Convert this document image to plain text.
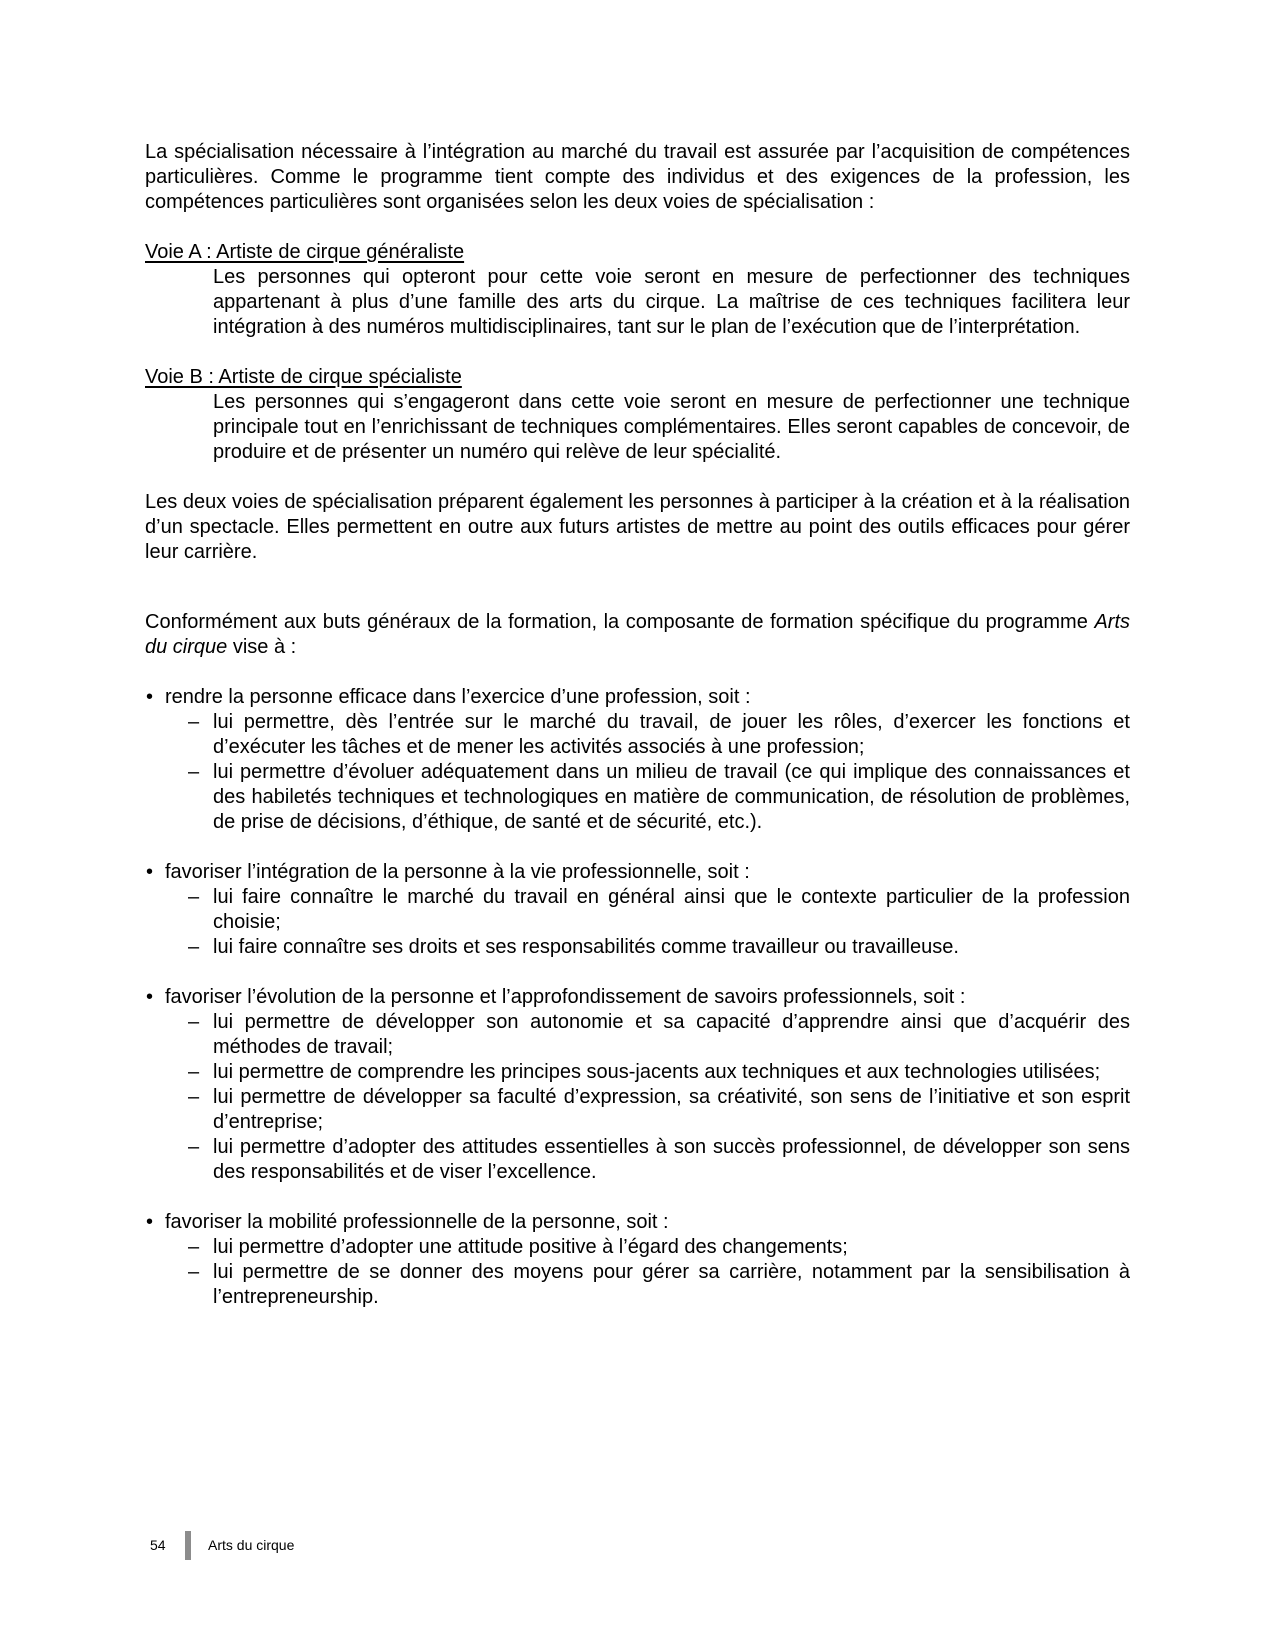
La spécialisation nécessaire à l’intégration au marché du travail est assurée par l’acquisition de compétences particulières. Comme le programme tient compte des individus et des exigences de la profession, les compétences particulières sont organisées selon les deux voies de spécialisation :

Voie A : Artiste de cirque généraliste

Les personnes qui opteront pour cette voie seront en mesure de perfectionner des techniques appartenant à plus d’une famille des arts du cirque. La maîtrise de ces techniques facilitera leur intégration à des numéros multidisciplinaires, tant sur le plan de l’exécution que de l’interprétation.

Voie B : Artiste de cirque spécialiste

Les personnes qui s’engageront dans cette voie seront en mesure de perfectionner une technique principale tout en l’enrichissant de techniques complémentaires. Elles seront capables de concevoir, de produire et de présenter un numéro qui relève de leur spécialité.

Les deux voies de spécialisation préparent également les personnes à participer à la création et à la réalisation d’un spectacle. Elles permettent en outre aux futurs artistes de mettre au point des outils efficaces pour gérer leur carrière.

Conformément aux buts généraux de la formation, la composante de formation spécifique du programme Arts du cirque vise à :

• rendre la personne efficace dans l’exercice d’une profession, soit :

– lui permettre, dès l’entrée sur le marché du travail, de jouer les rôles, d’exercer les fonctions et d’exécuter les tâches et de mener les activités associés à une profession;

– lui permettre d’évoluer adéquatement dans un milieu de travail (ce qui implique des connaissances et des habiletés techniques et technologiques en matière de communication, de résolution de problèmes, de prise de décisions, d’éthique, de santé et de sécurité, etc.).

• favoriser l’intégration de la personne à la vie professionnelle, soit :

– lui faire connaître le marché du travail en général ainsi que le contexte particulier de la profession choisie;

– lui faire connaître ses droits et ses responsabilités comme travailleur ou travailleuse.

• favoriser l’évolution de la personne et l’approfondissement de savoirs professionnels, soit :

– lui permettre de développer son autonomie et sa capacité d’apprendre ainsi que d’acquérir des méthodes de travail;

– lui permettre de comprendre les principes sous-jacents aux techniques et aux technologies utilisées;

– lui permettre de développer sa faculté d’expression, sa créativité, son sens de l’initiative et son esprit d’entreprise;

– lui permettre d’adopter des attitudes essentielles à son succès professionnel, de développer son sens des responsabilités et de viser l’excellence.

• favoriser la mobilité professionnelle de la personne, soit :

– lui permettre d’adopter une attitude positive à l’égard des changements;

– lui permettre de se donner des moyens pour gérer sa carrière, notamment par la sensibilisation à l’entrepreneurship.

54	Arts du cirque
